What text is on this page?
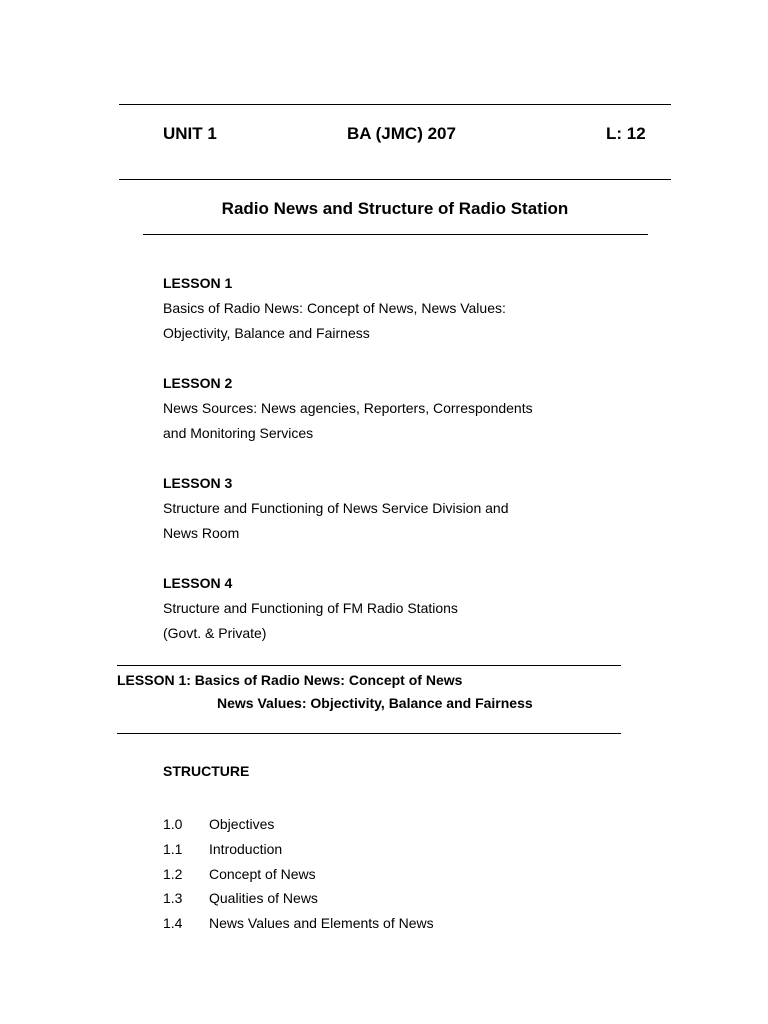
UNIT 1	BA (JMC) 207	L: 12
Radio News and Structure of Radio Station
LESSON 1
Basics of Radio News: Concept of News, News Values:
Objectivity, Balance and Fairness
LESSON 2
News Sources: News agencies, Reporters, Correspondents
and Monitoring Services
LESSON 3
Structure and Functioning of News Service Division and
News Room
LESSON 4
Structure and Functioning of FM Radio Stations
(Govt. & Private)
LESSON 1: Basics of Radio News: Concept of News
News Values: Objectivity, Balance and Fairness
STRUCTURE
1.0	Objectives
1.1	Introduction
1.2	Concept of News
1.3	Qualities of News
1.4	News Values and Elements of News
